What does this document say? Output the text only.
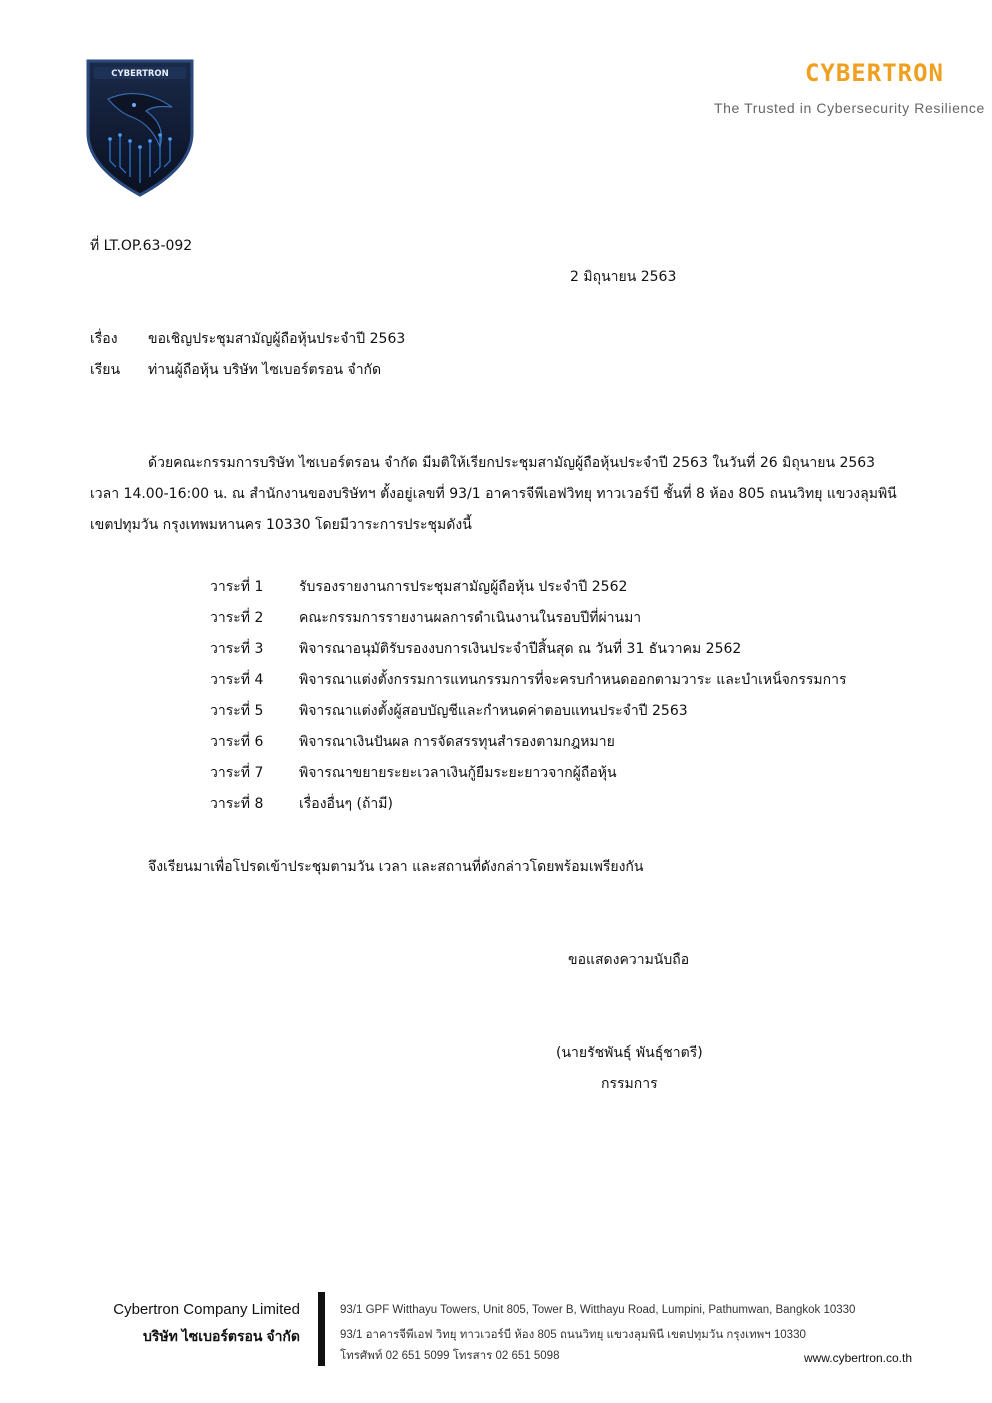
CYBERTRON	CYBERTRON
The Trusted in Cybersecurity Resilience
ที่ LT.OP.63-092
2 มิถุนายน 2563
เรื่อง ขอเชิญประชุมสามัญผู้ถือหุ้นประจำปี 2563
เรียน ท่านผู้ถือหุ้น บริษัท ไซเบอร์ตรอน จำกัด
ด้วยคณะกรรมการบริษัท ไซเบอร์ตรอน จำกัด มีมติให้เรียกประชุมสามัญผู้ถือหุ้นประจำปี 2563 ในวันที่ 26 มิถุนายน 2563
เวลา 14.00-16:00 น. ณ สำนักงานของบริษัทฯ ตั้งอยู่เลขที่ 93/1 อาคารจีพีเอฟวิทยุ ทาวเวอร์บี ชั้นที่ 8 ห้อง 805 ถนนวิทยุ แขวงลุมพินี
เขตปทุมวัน กรุงเทพมหานคร 10330 โดยมีวาระการประชุมดังนี้
วาระที่ 1	รับรองรายงานการประชุมสามัญผู้ถือหุ้น ประจำปี 2562
วาระที่ 2	คณะกรรมการรายงานผลการดำเนินงานในรอบปีที่ผ่านมา
วาระที่ 3	พิจารณาอนุมัติรับรองงบการเงินประจำปีสิ้นสุด ณ วันที่ 31 ธันวาคม 2562
วาระที่ 4	พิจารณาแต่งตั้งกรรมการแทนกรรมการที่จะครบกำหนดออกตามวาระ และบำเหน็จกรรมการ
วาระที่ 5	พิจารณาแต่งตั้งผู้สอบบัญชีและกำหนดค่าตอบแทนประจำปี 2563
วาระที่ 6	พิจารณาเงินปันผล การจัดสรรทุนสำรองตามกฎหมาย
วาระที่ 7	พิจารณาขยายระยะเวลาเงินกู้ยืมระยะยาวจากผู้ถือหุ้น
วาระที่ 8	เรื่องอื่นๆ (ถ้ามี)
จึงเรียนมาเพื่อโปรดเข้าประชุมตามวัน เวลา และสถานที่ดังกล่าวโดยพร้อมเพรียงกัน
ขอแสดงความนับถือ
(นายรัชพันธุ์ พันธุ์ชาตรี)
กรรมการ
Cybertron Company Limited
บริษัท ไซเบอร์ตรอน จำกัด
93/1 GPF Witthayu Towers, Unit 805, Tower B, Witthayu Road, Lumpini, Pathumwan, Bangkok 10330
93/1 อาคารจีพีเอฟ วิทยุ ทาวเวอร์บี ห้อง 805 ถนนวิทยุ แขวงลุมพินี เขตปทุมวัน กรุงเทพฯ 10330
โทรศัพท์ 02 651 5099 โทรสาร 02 651 5098	www.cybertron.co.th
